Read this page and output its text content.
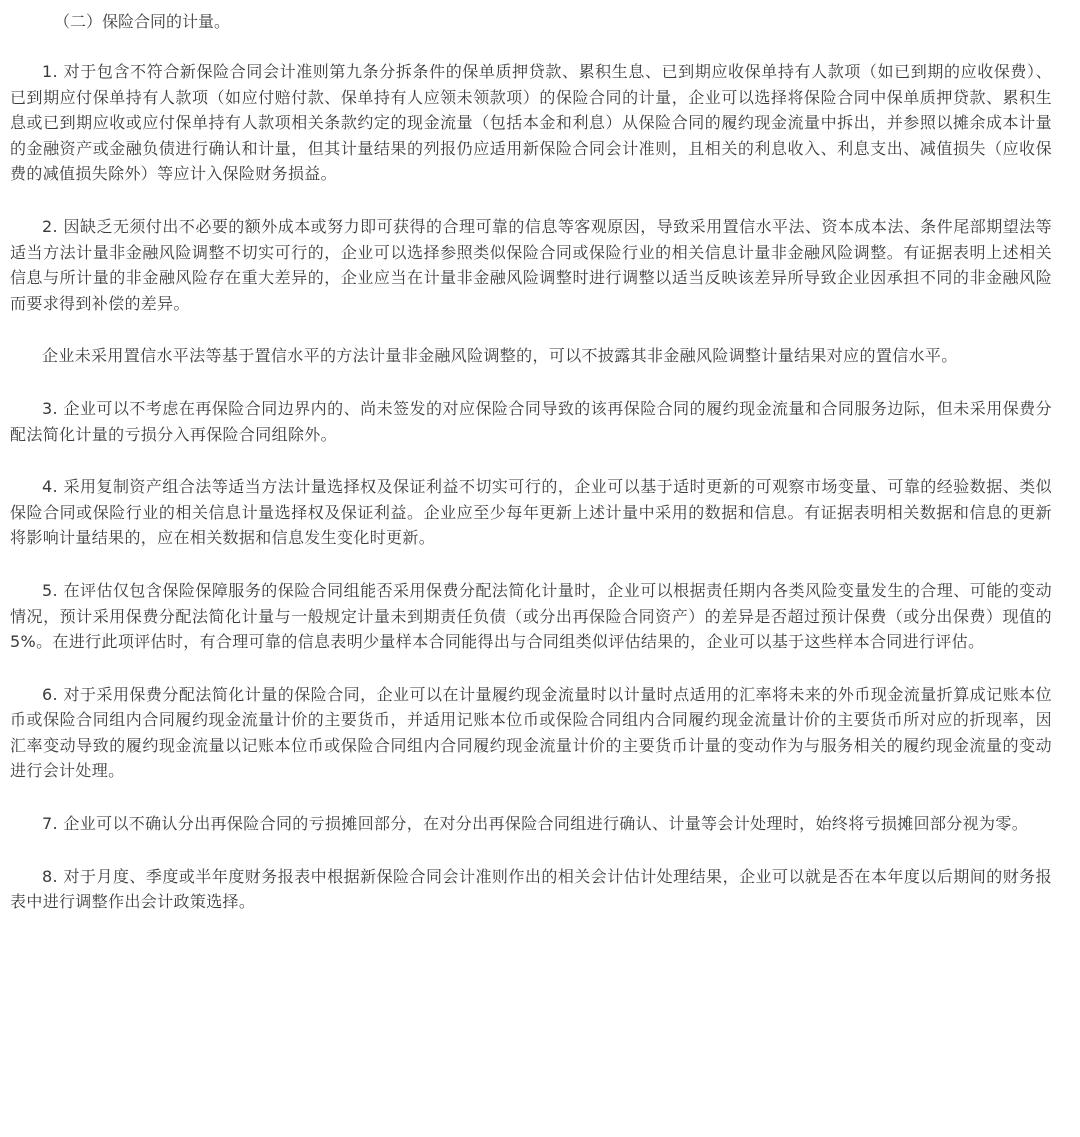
（二）保险合同的计量。

1. 对于包含不符合新保险合同会计准则第九条分拆条件的保单质押贷款、累积生息、已到期应收保单持有人款项（如已到期的应收保费）、已到期应付保单持有人款项（如应付赔付款、保单持有人应领未领款项）的保险合同的计量，企业可以选择将保险合同中保单质押贷款、累积生息或已到期应收或应付保单持有人款项相关条款约定的现金流量（包括本金和利息）从保险合同的履约现金流量中拆出，并参照以摊余成本计量的金融资产或金融负债进行确认和计量，但其计量结果的列报仍应适用新保险合同会计准则，且相关的利息收入、利息支出、减值损失（应收保费的减值损失除外）等应计入保险财务损益。

2. 因缺乏无须付出不必要的额外成本或努力即可获得的合理可靠的信息等客观原因，导致采用置信水平法、资本成本法、条件尾部期望法等适当方法计量非金融风险调整不切实可行的，企业可以选择参照类似保险合同或保险行业的相关信息计量非金融风险调整。有证据表明上述相关信息与所计量的非金融风险存在重大差异的，企业应当在计量非金融风险调整时进行调整以适当反映该差异所导致企业因承担不同的非金融风险而要求得到补偿的差异。

企业未采用置信水平法等基于置信水平的方法计量非金融风险调整的，可以不披露其非金融风险调整计量结果对应的置信水平。

3. 企业可以不考虑在再保险合同边界内的、尚未签发的对应保险合同导致的该再保险合同的履约现金流量和合同服务边际，但未采用保费分配法简化计量的亏损分入再保险合同组除外。

4. 采用复制资产组合法等适当方法计量选择权及保证利益不切实可行的，企业可以基于适时更新的可观察市场变量、可靠的经验数据、类似保险合同或保险行业的相关信息计量选择权及保证利益。企业应至少每年更新上述计量中采用的数据和信息。有证据表明相关数据和信息的更新将影响计量结果的，应在相关数据和信息发生变化时更新。

5. 在评估仅包含保险保障服务的保险合同组能否采用保费分配法简化计量时，企业可以根据责任期内各类风险变量发生的合理、可能的变动情况，预计采用保费分配法简化计量与一般规定计量未到期责任负债（或分出再保险合同资产）的差异是否超过预计保费（或分出保费）现值的5%。在进行此项评估时，有合理可靠的信息表明少量样本合同能得出与合同组类似评估结果的，企业可以基于这些样本合同进行评估。

6. 对于采用保费分配法简化计量的保险合同，企业可以在计量履约现金流量时以计量时点适用的汇率将未来的外币现金流量折算成记账本位币或保险合同组内合同履约现金流量计价的主要货币，并适用记账本位币或保险合同组内合同履约现金流量计价的主要货币所对应的折现率，因汇率变动导致的履约现金流量以记账本位币或保险合同组内合同履约现金流量计价的主要货币计量的变动作为与服务相关的履约现金流量的变动进行会计处理。

7. 企业可以不确认分出再保险合同的亏损摊回部分，在对分出再保险合同组进行确认、计量等会计处理时，始终将亏损摊回部分视为零。

8. 对于月度、季度或半年度财务报表中根据新保险合同会计准则作出的相关会计估计处理结果，企业可以就是否在本年度以后期间的财务报表中进行调整作出会计政策选择。
